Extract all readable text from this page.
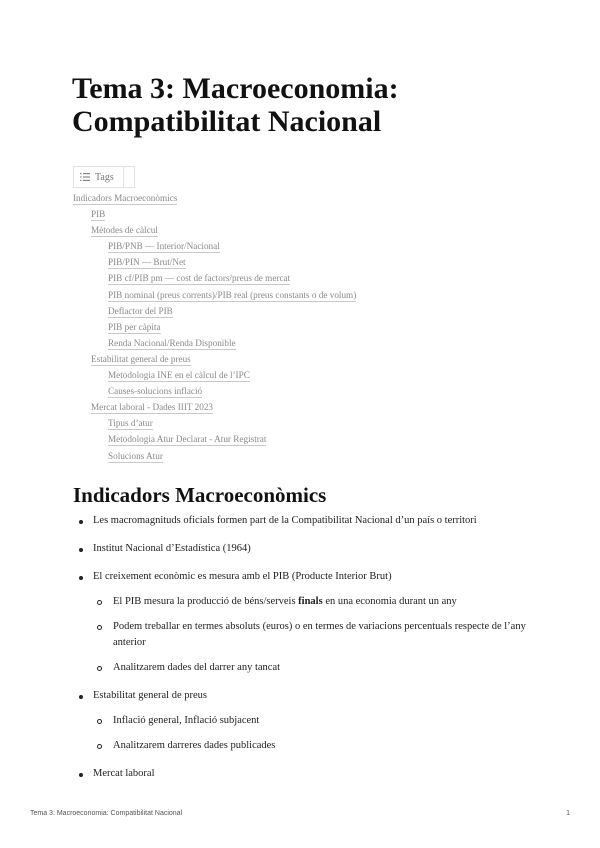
Tema 3: Macroeconomia: Compatibilitat Nacional
Tags
Indicadors Macroeconòmics
PIB
Mètodes de càlcul
PIB/PNB — Interior/Nacional
PIB/PIN — Brut/Net
PIB cf/PIB pm — cost de factors/preus de mercat
PIB nominal (preus corrents)/PIB real (preus constants o de volum)
Deflactor del PIB
PIB per càpita
Renda Nacional/Renda Disponible
Estabilitat general de preus
Metodologia INE en el càlcul de l’IPC
Causes-solucions inflació
Mercat laboral - Dades IIIT 2023
Tipus d’atur
Metodologia Atur Declarat - Atur Registrat
Solucions Atur
Indicadors Macroeconòmics
Les macromagnituds oficials formen part de la Compatibilitat Nacional d’un país o territori
Institut Nacional d’Estadística (1964)
El creixement econòmic es mesura amb el PIB (Producte Interior Brut)
El PIB mesura la producció de béns/serveis finals en una economia durant un any
Podem treballar en termes absoluts (euros) o en termes de variacions percentuals respecte de l’any anterior
Analitzarem dades del darrer any tancat
Estabilitat general de preus
Inflació general, Inflació subjacent
Analitzarem darreres dades publicades
Mercat laboral
Tema 3: Macroeconomia: Compatibilitat Nacional	1
